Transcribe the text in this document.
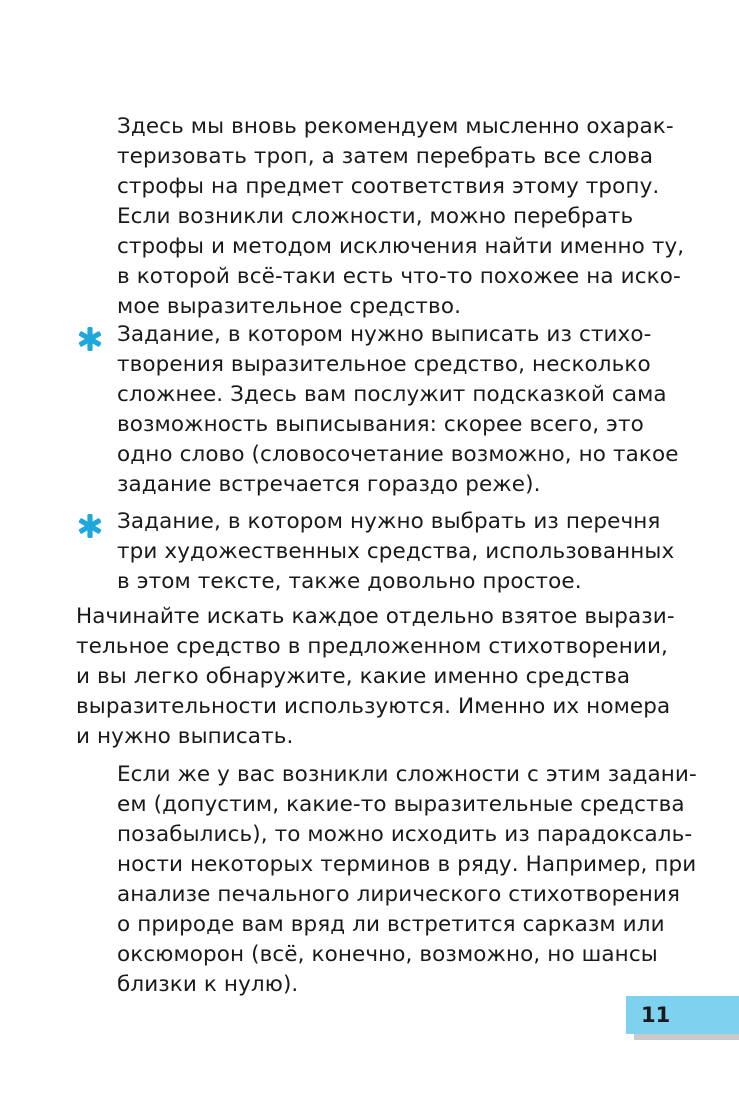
Здесь мы вновь рекомендуем мысленно охарак-
теризовать троп, а затем перебрать все слова
строфы на предмет соответствия этому тропу.
Если возникли сложности, можно перебрать
строфы и методом исключения найти именно ту,
в которой всё-таки есть что-то похожее на иско-
мое выразительное средство.

Задание, в котором нужно выписать из стихо-
творения выразительное средство, несколько
сложнее. Здесь вам послужит подсказкой сама
возможность выписывания: скорее всего, это
одно слово (словосочетание возможно, но такое
задание встречается гораздо реже).

Задание, в котором нужно выбрать из перечня
три художественных средства, использованных
в этом тексте, также довольно простое.

Начинайте искать каждое отдельно взятое вырази-
тельное средство в предложенном стихотворении,
и вы легко обнаружите, какие именно средства
выразительности используются. Именно их номера
и нужно выписать.

Если же у вас возникли сложности с этим задани-
ем (допустим, какие-то выразительные средства
позабылись), то можно исходить из парадоксаль-
ности некоторых терминов в ряду. Например, при
анализе печального лирического стихотворения
о природе вам вряд ли встретится сарказм или
оксюморон (всё, конечно, возможно, но шансы
близки к нулю).

11
